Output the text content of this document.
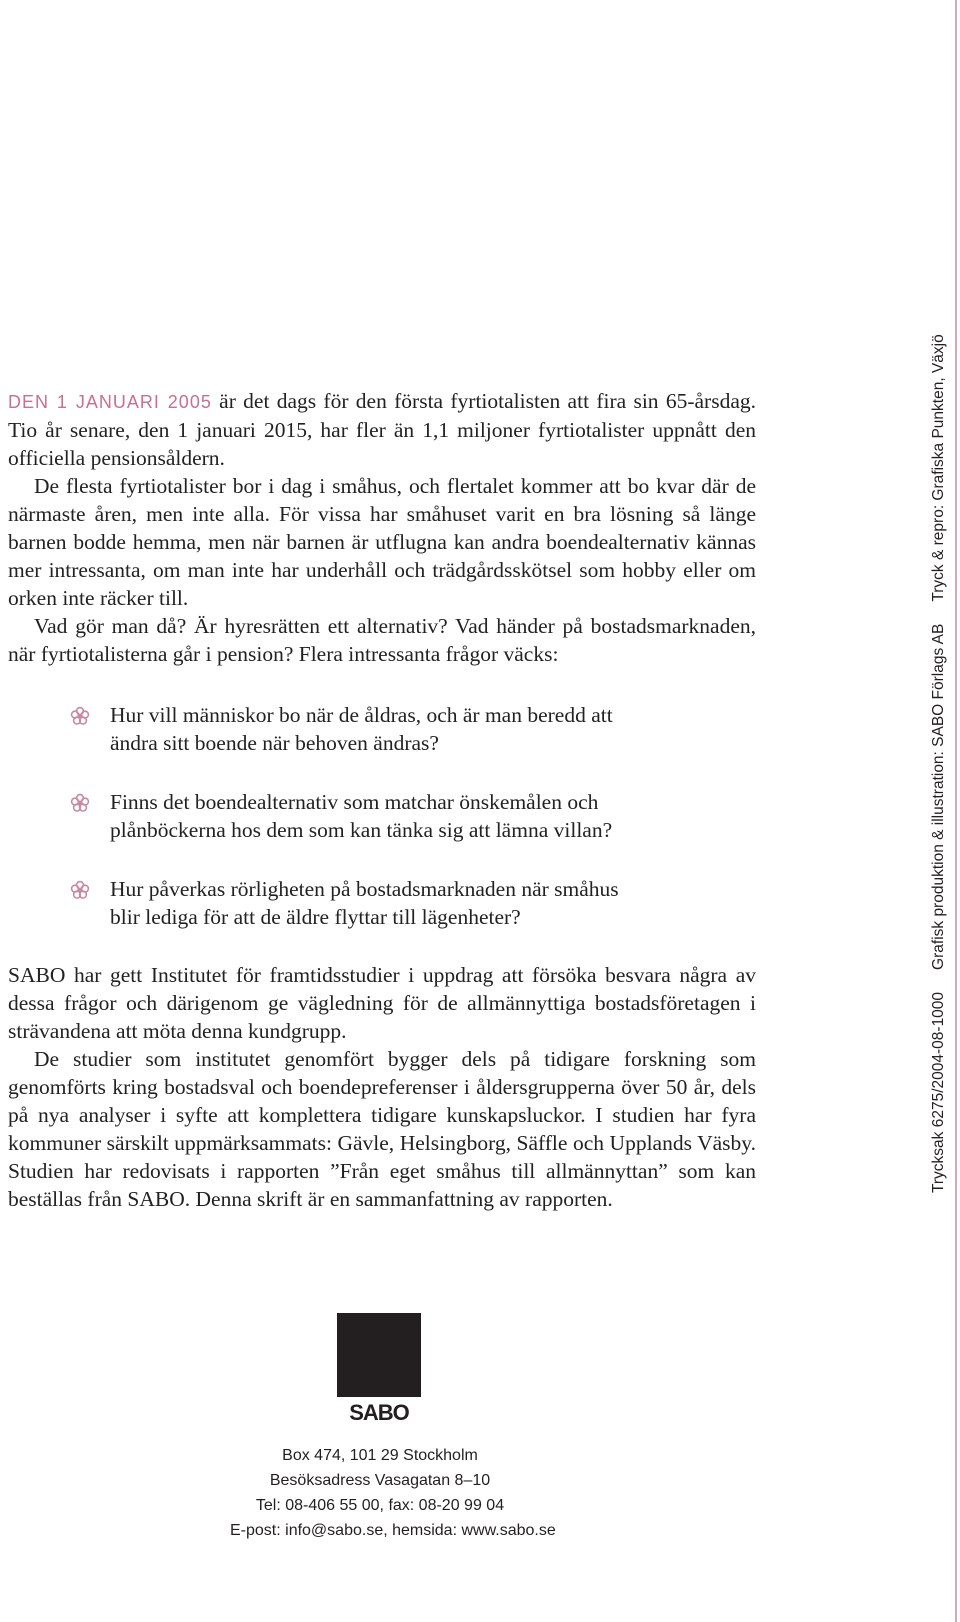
DEN 1 JANUARI 2005 är det dags för den första fyrtiotalisten att fira sin 65-årsdag. Tio år senare, den 1 januari 2015, har fler än 1,1 miljoner fyrtiotalister uppnått den officiella pensionsåldern.

De flesta fyrtiotalister bor i dag i småhus, och flertalet kommer att bo kvar där de närmaste åren, men inte alla. För vissa har småhuset varit en bra lösning så länge barnen bodde hemma, men när barnen är utflugna kan andra boendealternativ kännas mer intressanta, om man inte har underhåll och trädgårdsskötsel som hobby eller om orken inte räcker till.

Vad gör man då? Är hyresrätten ett alternativ? Vad händer på bostadsmarknaden, när fyrtiotalisterna går i pension? Flera intressanta frågor väcks:

Hur vill människor bo när de åldras, och är man beredd att ändra sitt boende när behoven ändras?
Finns det boendealternativ som matchar önskemålen och plånböckerna hos dem som kan tänka sig att lämna villan?
Hur påverkas rörligheten på bostadsmarknaden när småhus blir lediga för att de äldre flyttar till lägenheter?

SABO har gett Institutet för framtidsstudier i uppdrag att försöka besvara några av dessa frågor och därigenom ge vägledning för de allmännyttiga bostadsföretagen i strävandena att möta denna kundgrupp.

De studier som institutet genomfört bygger dels på tidigare forskning som genomförts kring bostadsval och boendepreferenser i åldersgrupperna över 50 år, dels på nya analyser i syfte att komplettera tidigare kunskapsluckor. I studien har fyra kommuner särskilt uppmärksammats: Gävle, Helsingborg, Säffle och Upplands Väsby. Studien har redovisats i rapporten ”Från eget småhus till allmännyttan” som kan beställas från SABO. Denna skrift är en sammanfattning av rapporten.

SABO
Box 474, 101 29 Stockholm
Besöksadress Vasagatan 8–10
Tel: 08-406 55 00, fax: 08-20 99 04
E-post: info@sabo.se, hemsida: www.sabo.se
Trycksak 6275/2004-08-1000Grafisk produktion & illustration: SABO Förlags ABTryck & repro: Grafiska Punkten, Växjö
